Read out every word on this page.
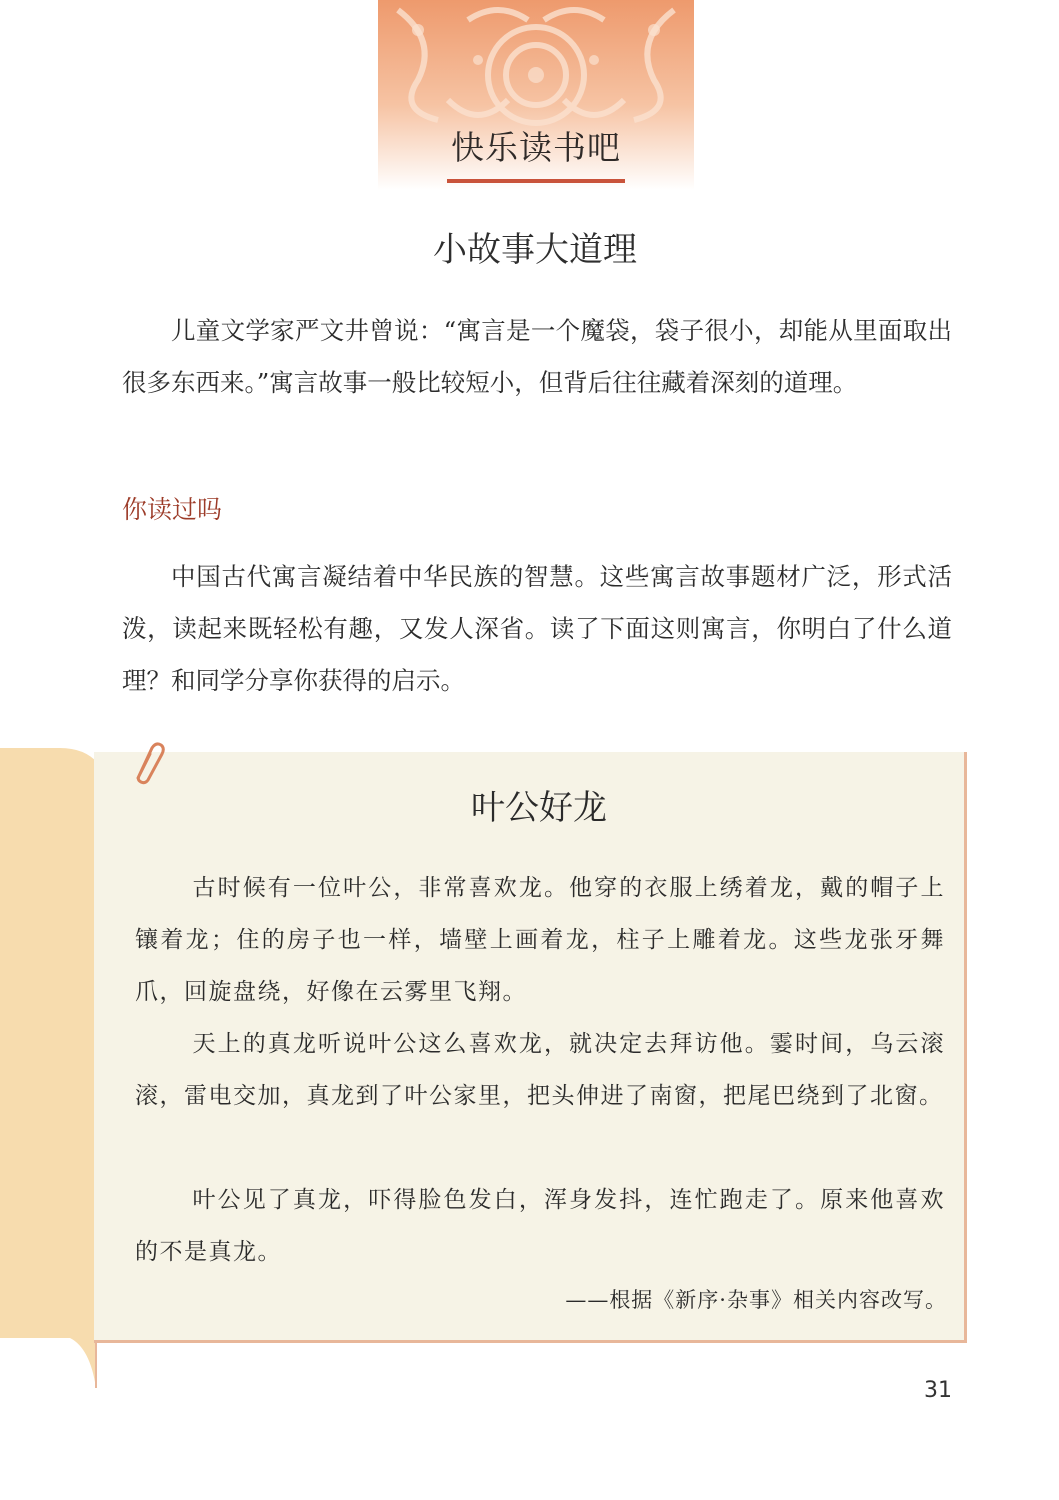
快乐读书吧
小故事大道理

儿童文学家严文井曾说：“寓言是一个魔袋，袋子很小，却能从里面取出很多东西来。”寓言故事一般比较短小，但背后往往藏着深刻的道理。

你读过吗

中国古代寓言凝结着中华民族的智慧。这些寓言故事题材广泛，形式活泼，读起来既轻松有趣，又发人深省。读了下面这则寓言，你明白了什么道理？和同学分享你获得的启示。

叶公好龙

古时候有一位叶公，非常喜欢龙。他穿的衣服上绣着龙，戴的帽子上镶着龙；住的房子也一样，墙壁上画着龙，柱子上雕着龙。这些龙张牙舞爪，回旋盘绕，好像在云雾里飞翔。

天上的真龙听说叶公这么喜欢龙，就决定去拜访他。霎时间，乌云滚滚，雷电交加，真龙到了叶公家里，把头伸进了南窗，把尾巴绕到了北窗。

叶公见了真龙，吓得脸色发白，浑身发抖，连忙跑走了。原来他喜欢的不是真龙。

——根据《新序·杂事》相关内容改写。
31
